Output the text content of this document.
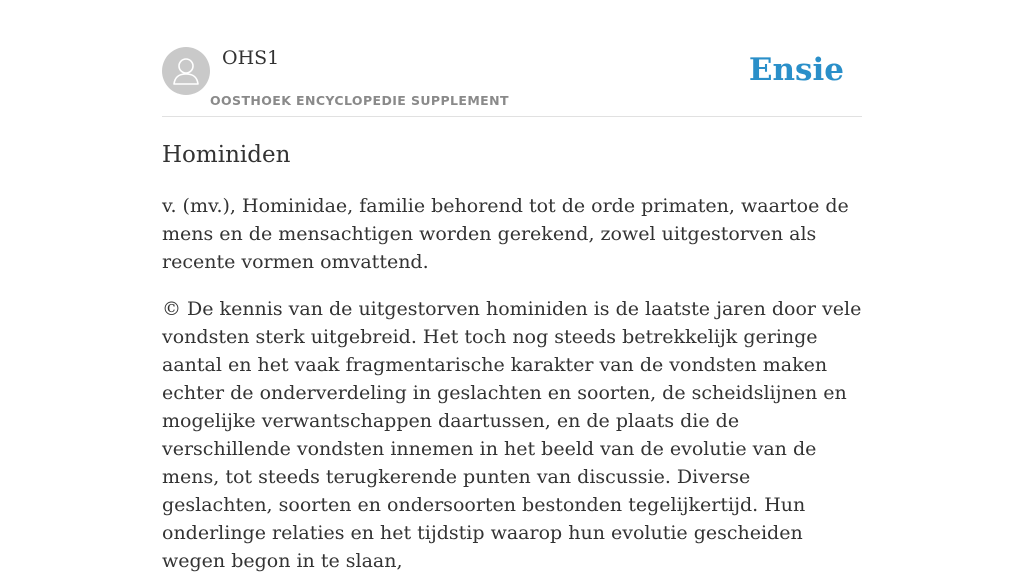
OHS1
OOSTHOEK ENCYCLOPEDIE SUPPLEMENT
Ensie
Hominiden

v. (mv.), Hominidae, familie behorend tot de orde primaten, waartoe de mens en de mensachtigen worden gerekend, zowel uitgestorven als recente vormen omvattend.

© De kennis van de uitgestorven hominiden is de laatste jaren door vele vondsten sterk uitgebreid. Het toch nog steeds betrekkelijk geringe aantal en het vaak fragmentarische karakter van de vondsten maken echter de onderverdeling in geslachten en soorten, de scheidslijnen en mogelijke verwantschappen daartussen, en de plaats die de verschillende vondsten innemen in het beeld van de evolutie van de mens, tot steeds terugkerende punten van discussie. Diverse geslachten, soorten en ondersoorten bestonden tegelijkertijd. Hun onderlinge relaties en het tijdstip waarop hun evolutie gescheiden wegen begon in te slaan,
